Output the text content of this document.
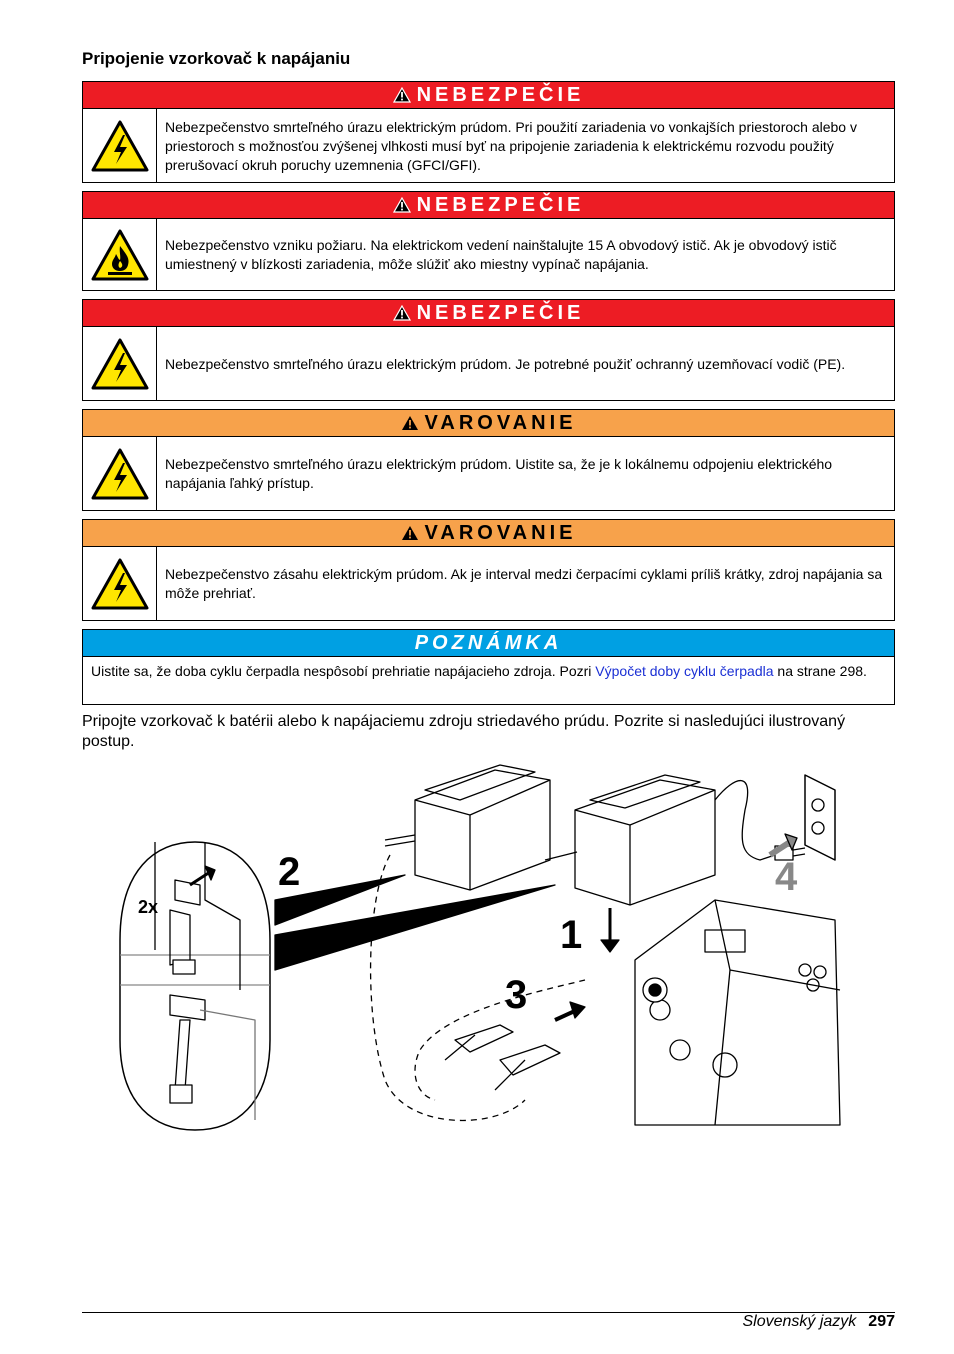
Pripojenie vzorkovač k napájaniu
NEBEZPEČIE
Nebezpečenstvo smrteľného úrazu elektrickým prúdom. Pri použití zariadenia vo vonkajších priestoroch alebo v priestoroch s možnosťou zvýšenej vlhkosti musí byť na pripojenie zariadenia k elektrickému rozvodu použitý prerušovací okruh poruchy uzemnenia (GFCI/GFI).
NEBEZPEČIE
Nebezpečenstvo vzniku požiaru. Na elektrickom vedení nainštalujte 15 A obvodový istič. Ak je obvodový istič umiestnený v blízkosti zariadenia, môže slúžiť ako miestny vypínač napájania.
NEBEZPEČIE
Nebezpečenstvo smrteľného úrazu elektrickým prúdom. Je potrebné použiť ochranný uzemňovací vodič (PE).
VAROVANIE
Nebezpečenstvo smrteľného úrazu elektrickým prúdom. Uistite sa, že je k lokálnemu odpojeniu elektrického napájania ľahký prístup.
VAROVANIE
Nebezpečenstvo zásahu elektrickým prúdom. Ak je interval medzi čerpacími cyklami príliš krátky, zdroj napájania sa môže prehriať.
POZNÁMKA
Uistite sa, že doba cyklu čerpadla nespôsobí prehriatie napájacieho zdroja. Pozri Výpočet doby cyklu čerpadla na strane 298.
Pripojte vzorkovač k batérii alebo k napájaciemu zdroju striedavého prúdu. Pozrite si nasledujúci ilustrovaný postup.
2
1
3
4
2x
Slovenský jazyk 297
